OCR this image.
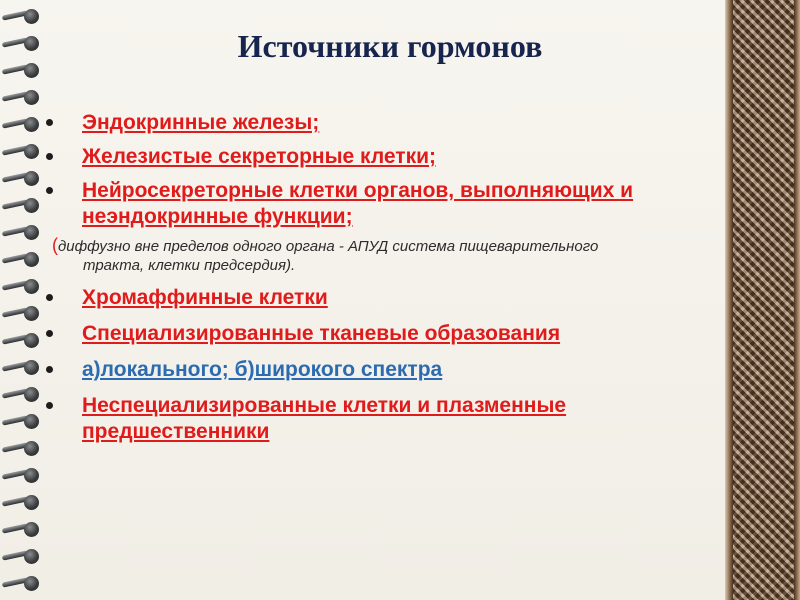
Источники гормонов
Эндокринные железы;
Железистые секреторные клетки;
Нейросекреторные клетки органов, выполняющих и неэндокринные функции;
(диффузно вне пределов одного органа - АПУД система пищеварительного
тракта, клетки предсердия).
Хромаффинные клетки
Специализированные тканевые образования
а)локального; б)широкого спектра
Неспециализированные клетки и плазменные предшественники
